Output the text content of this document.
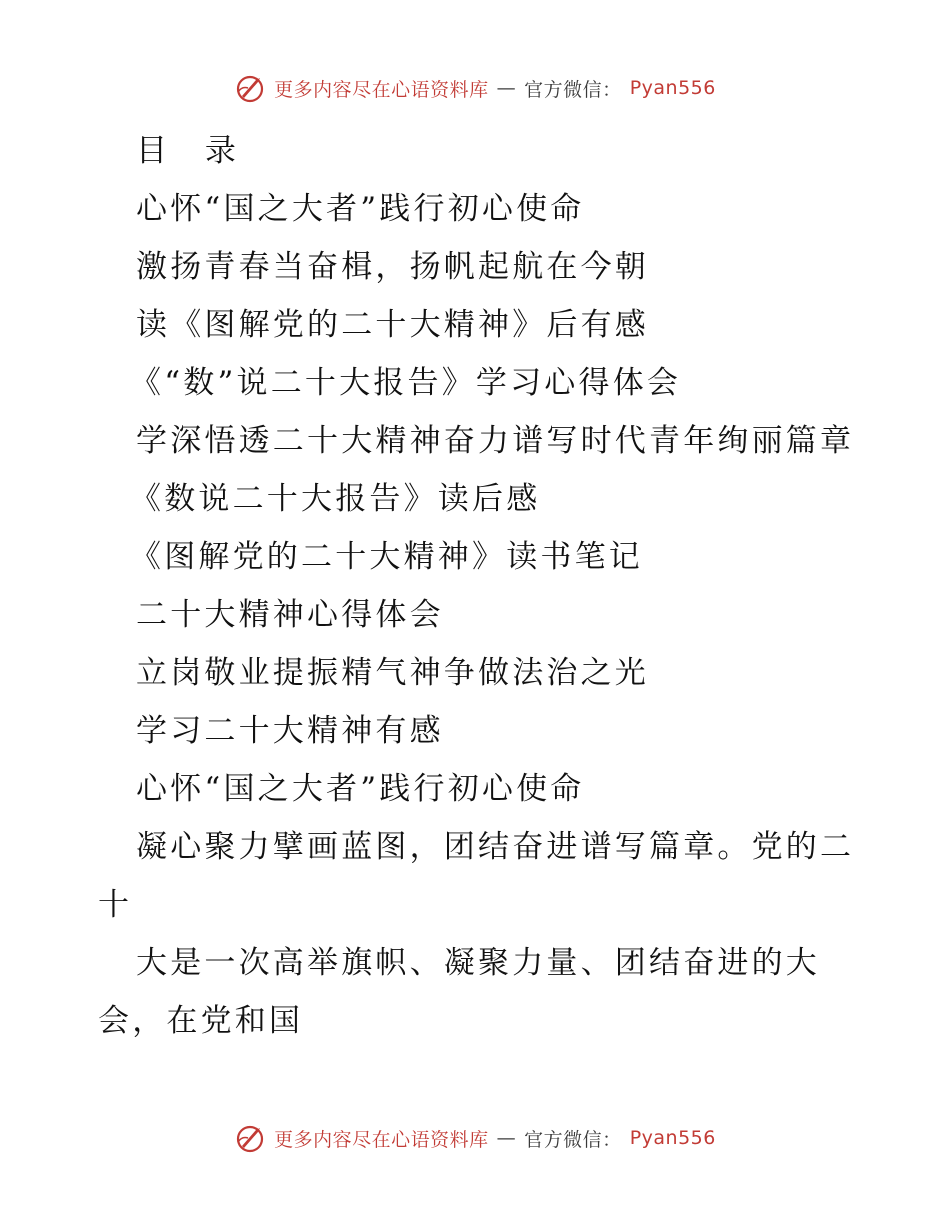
更多内容尽在心语资料库 — 官方微信： Pyan556
目 录
心怀“国之大者”践行初心使命
激扬青春当奋楫，扬帆起航在今朝
读《图解党的二十大精神》后有感
《“数”说二十大报告》学习心得体会
学深悟透二十大精神奋力谱写时代青年绚丽篇章
《数说二十大报告》读后感
《图解党的二十大精神》读书笔记
二十大精神心得体会
立岗敬业提振精气神争做法治之光
学习二十大精神有感
心怀“国之大者”践行初心使命
凝心聚力擘画蓝图，团结奋进谱写篇章。党的二
十
大是一次高举旗帜、凝聚力量、团结奋进的大
会，在党和国
更多内容尽在心语资料库 — 官方微信： Pyan556
